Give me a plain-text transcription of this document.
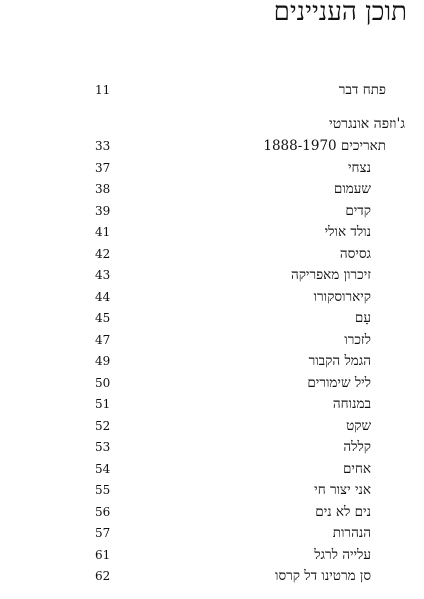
תוכן העניינים
פתח דבר
11
ג'וזפה אונגרטי
תאריכים 1888-1970
33
נצחי
37
שעמום
38
קדים
39
נולד אולי
41
גסיסה
42
זיכרון מאפריקה
43
קיארוסקורו
44
עָם
45
לזכרו
47
הגמל הקבור
49
ליל שימורים
50
במנוחה
51
שקט
52
קללה
53
אחים
54
אני יצור חי
55
נים לא נים
56
הנהרות
57
עלייה לרגל
61
סן מרטינו דל קרסו
62
